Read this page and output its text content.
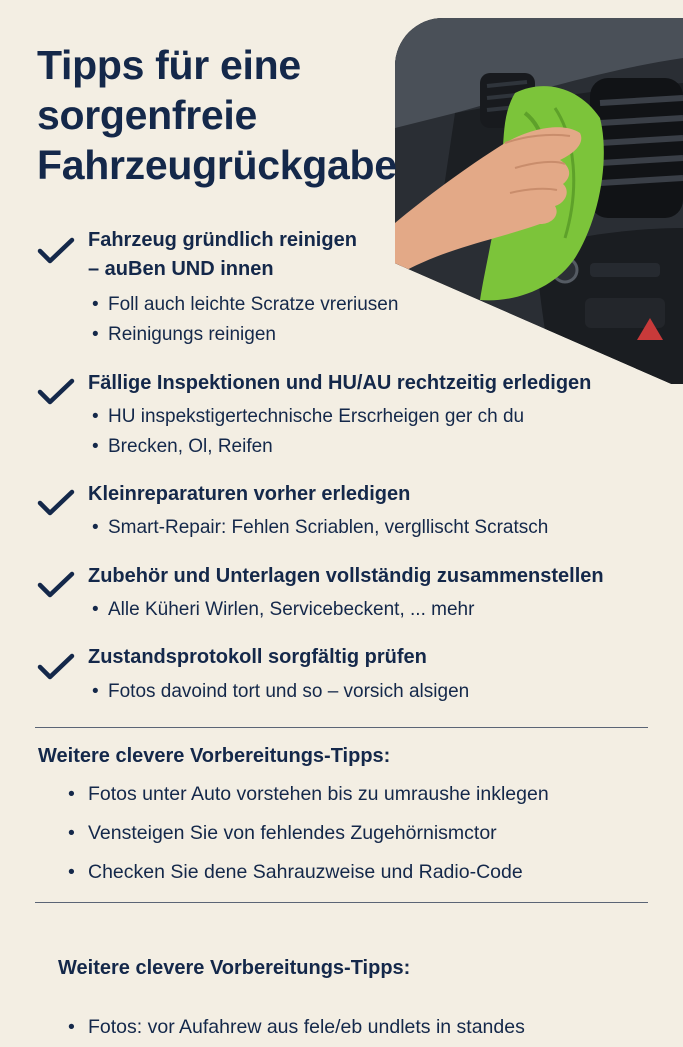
Tipps für eine
sorgenfreie
Fahrzeugrückgabe

Fahrzeug gründlich reinigen
– auBen UND innen

• Foll auch leichte Scratze vreriusen
• Reinigungs reinigen

Fällige Inspektionen und HU/AU rechtzeitig erledigen

• HU inspekstigertechnische Erscrheigen ger ch du
• Brecken, Ol, Reifen

Kleinreparaturen vorher erledigen

• Smart-Repair: Fehlen Scriablen, vergllischt Scratsch

Zubehör und Unterlagen vollständig zusammenstellen

• Alle Küheri Wirlen, Servicebeckent, ... mehr

Zustandsprotokoll sorgfältig prüfen

• Fotos davoind tort und so – vorsich alsigen
Weitere clevere Vorbereitungs-Tipps:
• Fotos unter Auto vorstehen bis zu umraushe inklegen
• Vensteigen Sie von fehlendes Zugehörnismctor
• Checken Sie dene Sahrauzweise und Radio-Code
Weitere clevere Vorbereitungs-Tipps:
• Fotos: vor Aufahrew aus fele/eb undlets in standes
